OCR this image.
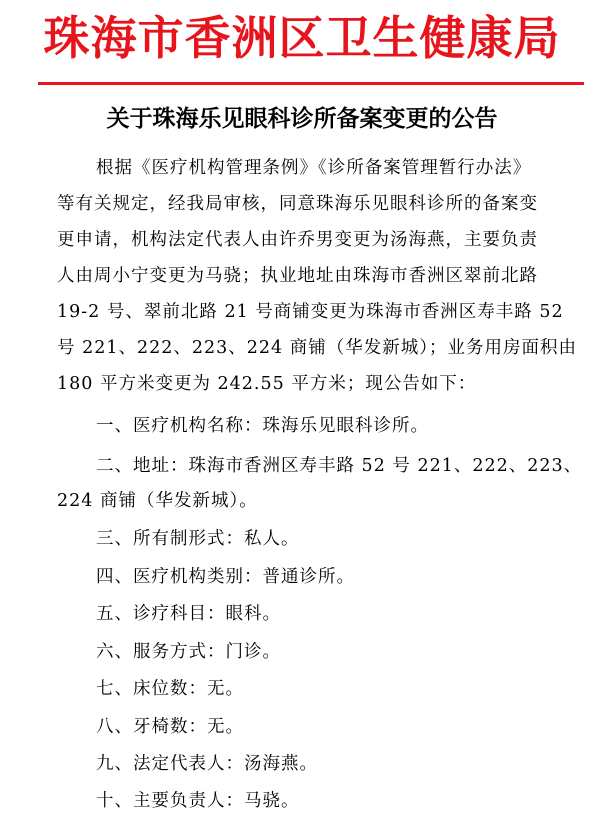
珠海市香洲区卫生健康局
关于珠海乐见眼科诊所备案变更的公告
根据《医疗机构管理条例》《诊所备案管理暂行办法》
等有关规定，经我局审核，同意珠海乐见眼科诊所的备案变
更申请，机构法定代表人由许乔男变更为汤海燕，主要负责
人由周小宁变更为马骁；执业地址由珠海市香洲区翠前北路
19-2 号、翠前北路 21 号商铺变更为珠海市香洲区寿丰路 52
号 221、222、223、224 商铺（华发新城）；业务用房面积由
180 平方米变更为 242.55 平方米；现公告如下：
一、医疗机构名称：珠海乐见眼科诊所。
二、地址：珠海市香洲区寿丰路 52 号 221、222、223、
224 商铺（华发新城）。
三、所有制形式：私人。
四、医疗机构类别：普通诊所。
五、诊疗科目：眼科。
六、服务方式：门诊。
七、床位数：无。
八、牙椅数：无。
九、法定代表人：汤海燕。
十、主要负责人：马骁。
